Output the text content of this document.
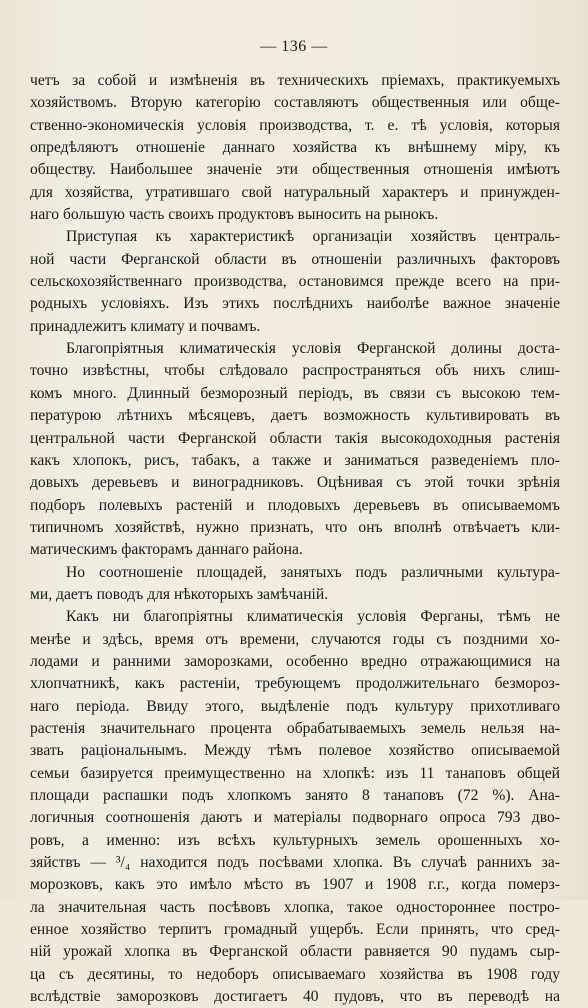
— 136 —
четъ за собой и измѣненія въ техническихъ пріемахъ, практикуемыхъ
хозяйствомъ. Вторую категорію составляютъ общественныя или обще-
ственно-экономическія условія производства, т. е. тѣ условія, которыя
опредѣляютъ отношеніе даннаго хозяйства къ внѣшнему міру, къ
обществу. Наибольшее значеніе эти общественныя отношенія имѣютъ
для хозяйства, утратившаго свой натуральный характеръ и принужден-
наго большую часть своихъ продуктовъ выносить на рынокъ.
Приступая къ характеристикѣ организаціи хозяйствъ централь-
ной части Ферганской области въ отношеніи различныхъ факторовъ
сельскохозяйственнаго производства, остановимся прежде всего на при-
родныхъ условіяхъ. Изъ этихъ послѣднихъ наиболѣе важное значеніе
принадлежитъ климату и почвамъ.
Благопріятныя климатическія условія Ферганской долины доста-
точно извѣстны, чтобы слѣдовало распространяться объ нихъ слиш-
комъ много. Длинный безморозный періодъ, въ связи съ высокою тем-
пературою лѣтнихъ мѣсяцевъ, даетъ возможность культивировать въ
центральной части Ферганской области такія высокодоходныя растенія
какъ хлопокъ, рисъ, табакъ, а также и заниматься разведеніемъ пло-
довыхъ деревьевъ и виноградниковъ. Оцѣнивая съ этой точки зрѣнія
подборъ полевыхъ растеній и плодовыхъ деревьевъ въ описываемомъ
типичномъ хозяйствѣ, нужно признать, что онъ вполнѣ отвѣчаетъ кли-
матическимъ факторамъ даннаго района.
Но соотношеніе площадей, занятыхъ подъ различными культура-
ми, даетъ поводъ для нѣкоторыхъ замѣчаній.
Какъ ни благопріятны климатическія условія Ферганы, тѣмъ не
менѣе и здѣсь, время отъ времени, случаются годы съ поздними хо-
лодами и ранними заморозками, особенно вредно отражающимися на
хлопчатникѣ, какъ растеніи, требующемъ продолжительнаго безмороз-
наго періода. Ввиду этого, выдѣленіе подъ культуру прихотливаго
растенія значительнаго процента обрабатываемыхъ земель нельзя на-
звать раціональнымъ. Между тѣмъ полевое хозяйство описываемой
семьи базируется преимущественно на хлопкѣ: изъ 11 танаповъ общей
площади распашки подъ хлопкомъ занято 8 танаповъ (72 %). Ана-
логичныя соотношенія даютъ и матеріалы подворнаго опроса 793 дво-
ровъ, а именно: изъ всѣхъ культурныхъ земель орошенныхъ хо-
зяйствъ — ³/₄ находится подъ посѣвами хлопка. Въ случаѣ раннихъ за-
морозковъ, какъ это имѣло мѣсто въ 1907 и 1908 г.г., когда померз-
ла значительная часть посѣвовъ хлопка, такое одностороннее постро-
енное хозяйство терпитъ громадный ущербъ. Если принять, что сред-
ній урожай хлопка въ Ферганской области равняется 90 пудамъ сыр-
ца съ десятины, то недоборъ описываемаго хозяйства въ 1908 году
вслѣдствіе заморозковъ достигаетъ 40 пудовъ, что въ переводѣ на
